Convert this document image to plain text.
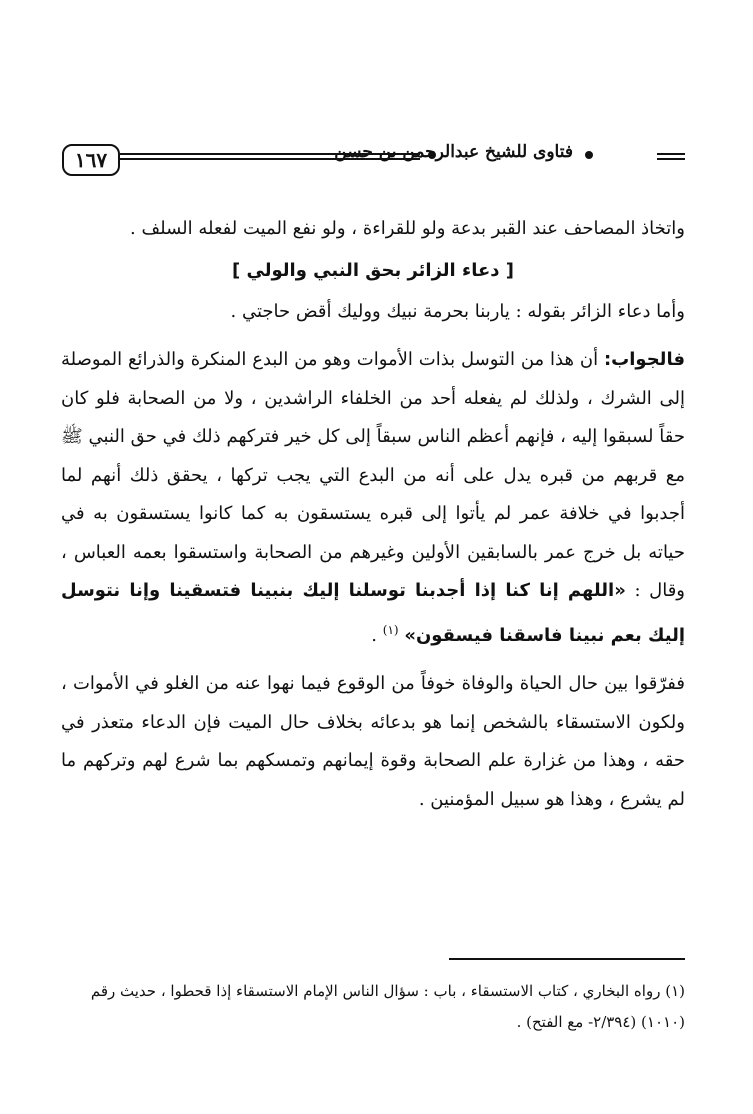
١٦٧	فتاوى للشيخ عبدالرحمن بن حسن

واتخاذ المصاحف عند القبر بدعة ولو للقراءة ، ولو نفع الميت لفعله السلف .

[ دعاء الزائر بحق النبي والولي ]

وأما دعاء الزائر بقوله : ياربنا بحرمة نبيك ووليك أقض حاجتي .

فالجواب: أن هذا من التوسل بذات الأموات وهو من البدع المنكرة والذرائع الموصلة إلى الشرك ، ولذلك لم يفعله أحد من الخلفاء الراشدين ، ولا من الصحابة فلو كان حقاً لسبقوا إليه ، فإنهم أعظم الناس سبقاً إلى كل خير فتركهم ذلك في حق النبي ﷺ مع قربهم من قبره يدل على أنه من البدع التي يجب تركها ، يحقق ذلك أنهم لما أجدبوا في خلافة عمر لم يأتوا إلى قبره يستسقون به كما كانوا يستسقون به في حياته بل خرج عمر بالسابقين الأولين وغيرهم من الصحابة واستسقوا بعمه العباس ، وقال : «اللهم إنا كنا إذا أجدبنا توسلنا إليك بنبينا فتسقينا وإنا نتوسل إليك بعم نبينا فاسقنا فيسقون» $^{(١)}$ .

ففرّقوا بين حال الحياة والوفاة خوفاً من الوقوع فيما نهوا عنه من الغلو في الأموات ، ولكون الاستسقاء بالشخص إنما هو بدعائه بخلاف حال الميت فإن الدعاء متعذر في حقه ، وهذا من غزارة علم الصحابة وقوة إيمانهم وتمسكهم بما شرع لهم وتركهم ما لم يشرع ، وهذا هو سبيل المؤمنين .

(١) رواه البخاري ، كتاب الاستسقاء ، باب : سؤال الناس الإمام الاستسقاء إذا قحطوا ، حديث رقم (١٠١٠) (٢/٣٩٤- مع الفتح) .
